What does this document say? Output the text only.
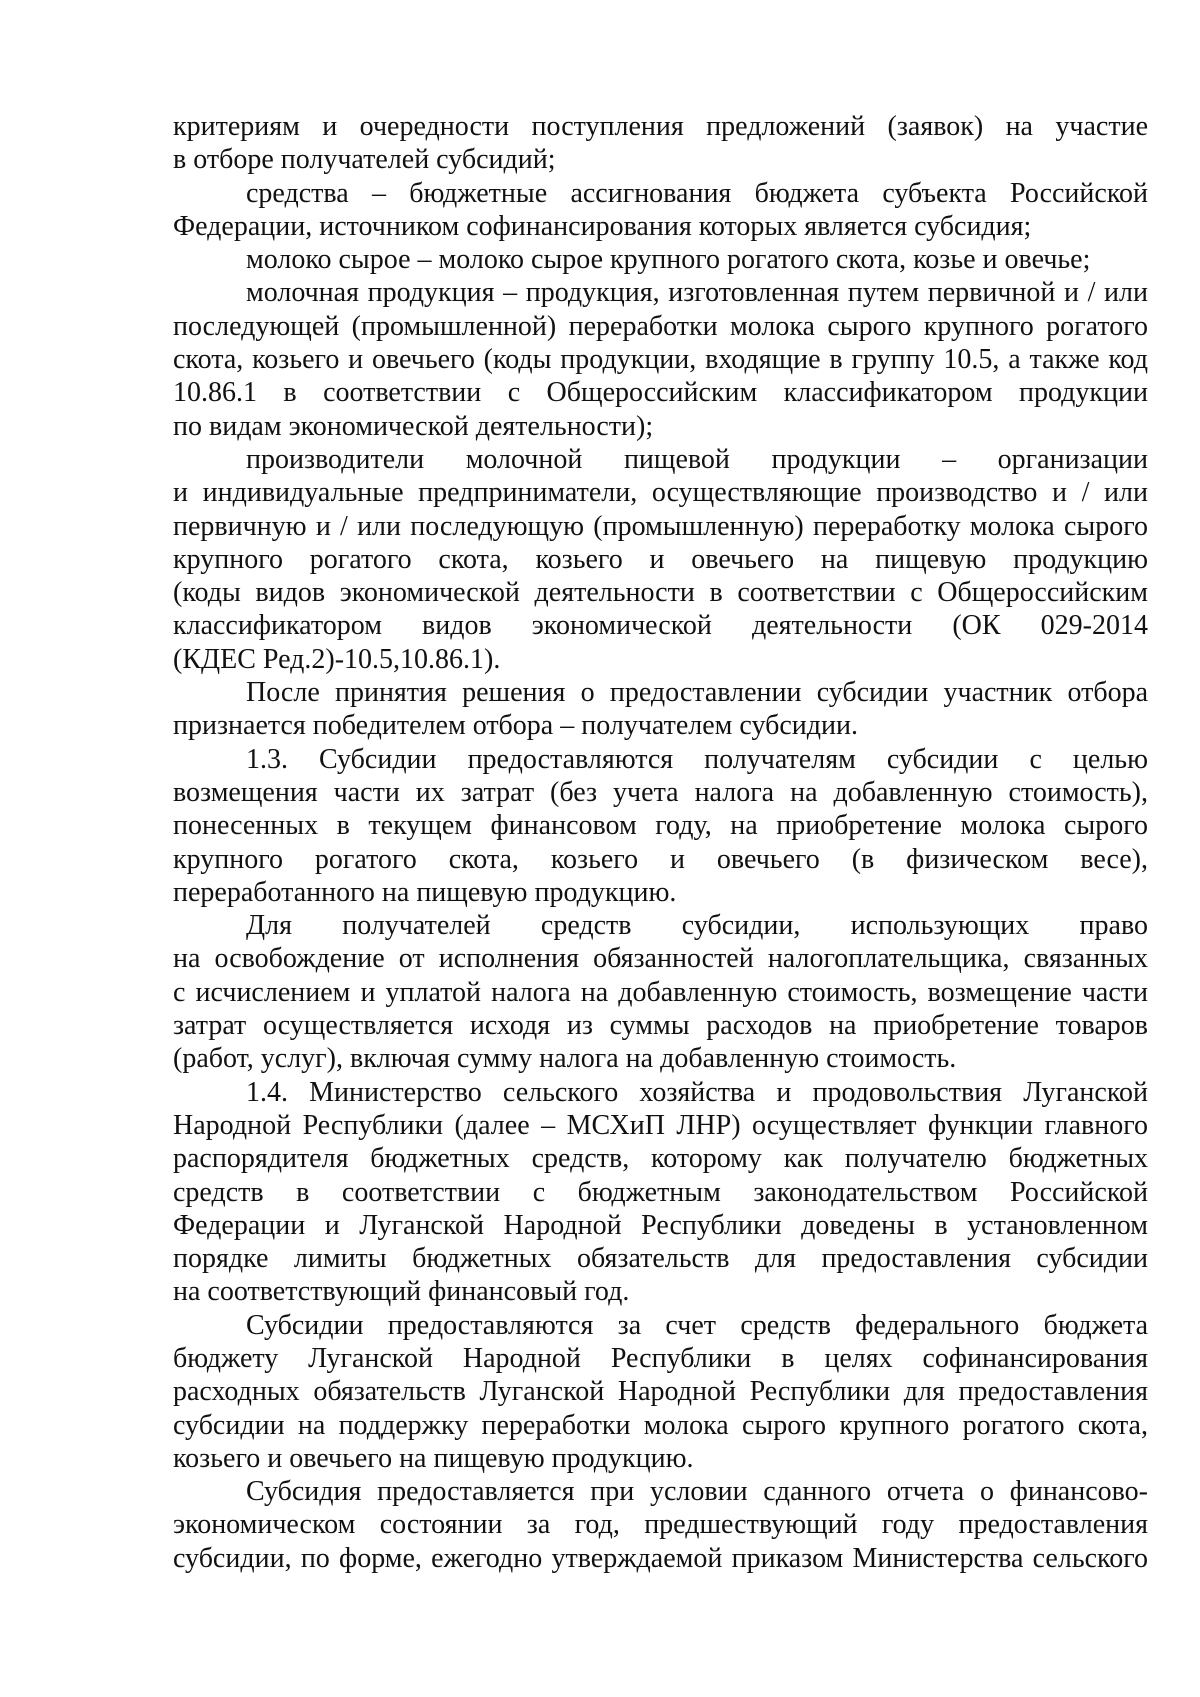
критериям и очередности поступления предложений (заявок) на участие
в отборе получателей субсидий;
средства – бюджетные ассигнования бюджета субъекта Российской
Федерации, источником софинансирования которых является субсидия;
молоко сырое – молоко сырое крупного рогатого скота, козье и овечье;
молочная продукция – продукция, изготовленная путем первичной и / или
последующей (промышленной) переработки молока сырого крупного рогатого
скота, козьего и овечьего (коды продукции, входящие в группу 10.5, а также код
10.86.1 в соответствии с Общероссийским классификатором продукции
по видам экономической деятельности);
производители молочной пищевой продукции – организации
и индивидуальные предприниматели, осуществляющие производство и / или
первичную и / или последующую (промышленную) переработку молока сырого
крупного рогатого скота, козьего и овечьего на пищевую продукцию
(коды видов экономической деятельности в соответствии с Общероссийским
классификатором видов экономической деятельности (ОК 029-2014
(КДЕС Ред.2)-10.5,10.86.1).
После принятия решения о предоставлении субсидии участник отбора
признается победителем отбора – получателем субсидии.
1.3. Субсидии предоставляются получателям субсидии с целью
возмещения части их затрат (без учета налога на добавленную стоимость),
понесенных в текущем финансовом году, на приобретение молока сырого
крупного рогатого скота, козьего и овечьего (в физическом весе),
переработанного на пищевую продукцию.
Для получателей средств субсидии, использующих право
на освобождение от исполнения обязанностей налогоплательщика, связанных
с исчислением и уплатой налога на добавленную стоимость, возмещение части
затрат осуществляется исходя из суммы расходов на приобретение товаров
(работ, услуг), включая сумму налога на добавленную стоимость.
1.4. Министерство сельского хозяйства и продовольствия Луганской
Народной Республики (далее – МСХиП ЛНР) осуществляет функции главного
распорядителя бюджетных средств, которому как получателю бюджетных
средств в соответствии с бюджетным законодательством Российской
Федерации и Луганской Народной Республики доведены в установленном
порядке лимиты бюджетных обязательств для предоставления субсидии
на соответствующий финансовый год.
Субсидии предоставляются за счет средств федерального бюджета
бюджету Луганской Народной Республики в целях софинансирования
расходных обязательств Луганской Народной Республики для предоставления
субсидии на поддержку переработки молока сырого крупного рогатого скота,
козьего и овечьего на пищевую продукцию.
Субсидия предоставляется при условии сданного отчета о финансово-
экономическом состоянии за год, предшествующий году предоставления
субсидии, по форме, ежегодно утверждаемой приказом Министерства сельского
